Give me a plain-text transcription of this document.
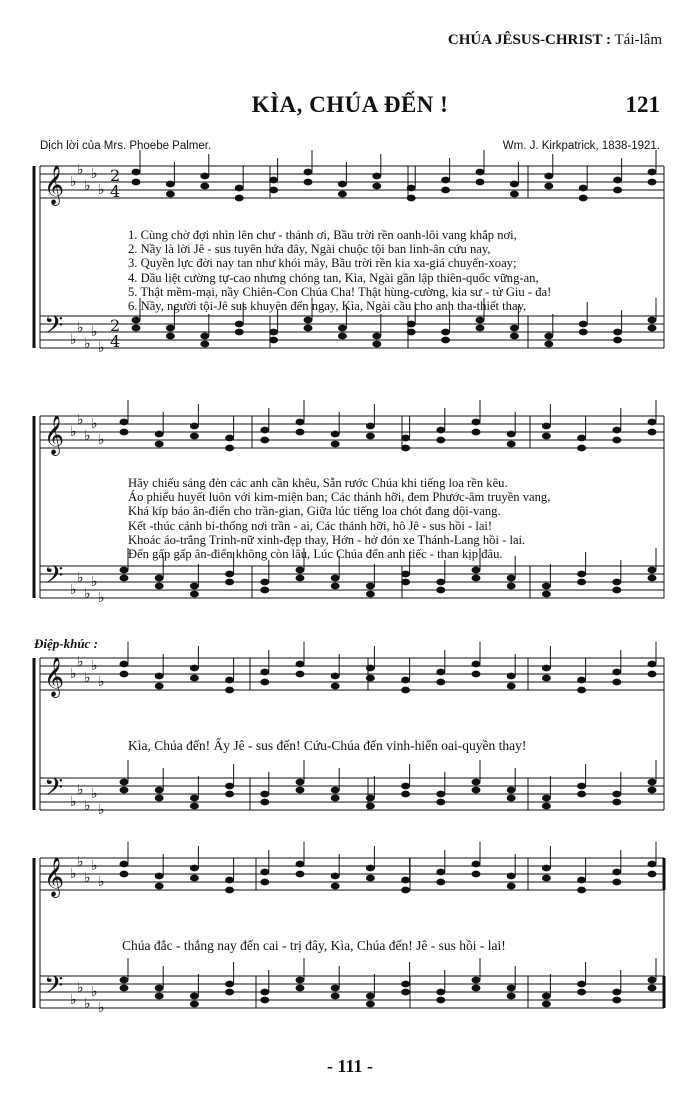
CHÚA JÊSUS-CHRIST : Tái-lâm
KÌA, CHÚA ĐẾN !	121
Dịch lời của Mrs. Phoebe Palmer.	Wm. J. Kirkpatrick, 1838-1921.
𝄞 ♭
♭
♭
♭
♭
2
4
𝄢 ♭
♭
♭
♭
♭
2
4
𝄞 ♭
♭
♭
♭
♭
𝄢 ♭
♭
♭
♭
♭
𝄞 ♭
♭
♭
♭
♭
𝄢 ♭
♭
♭
♭
♭
𝄞 ♭
♭
♭
♭
♭
𝄢 ♭
♭
♭
♭
♭
1. Cùng chờ đợi nhìn lên chư - thánh ơi, Bầu trời rền oanh-lôi vang khắp nơi,
2. Nầy là lời Jê - sus tuyên hứa đây, Ngài chuộc tội ban linh-ân cứu nay,
3. Quyền lực đời nay tan như khói mây, Bầu trời rền kia xa-giá chuyển-xoay;
4. Dầu liệt cường tự-cao nhưng chóng tan, Kìa, Ngài gần lập thiên-quốc vững-an,
5. Thật mềm-mại, nầy Chiên-Con Chúa Cha! Thật hùng-cường, kia sư - tử Giu - đa!
6. Nầy, người tội-Jê sus khuyên đến ngay, Kìa, Ngài cầu cho anh tha-thiết thay,
Hãy chiếu sáng đèn các anh cần khêu, Sẵn rước Chúa khi tiếng loa rền kêu.
Áo phiếu huyết luôn với kim-miện ban; Các thánh hỡi, đem Phước-âm truyền vang,
Khá kíp báo ân-điển cho trần-gian, Giữa lúc tiếng loa chót đang dội-vang.
Kết -thúc cảnh bi-thống nơi trần - ai, Các thánh hỡi, hô Jê - sus hồi - lai!
Khoác áo-trắng Trinh-nữ xinh-đẹp thay, Hớn - hở đón xe Thánh-Lang hồi - lai.
Đến gấp gấp ân-điển không còn lâu, Lúc Chúa đến anh tiếc - than kịp đâu.
Điệp-khúc :
Kìa, Chúa đến! Ấy Jê - sus đến! Cứu-Chúa đến vinh-hiển oai-quyền thay!
Chúa đắc - thắng nay đến cai - trị đây, Kìa, Chúa đến! Jê - sus hồi - lai!
- 111 -
